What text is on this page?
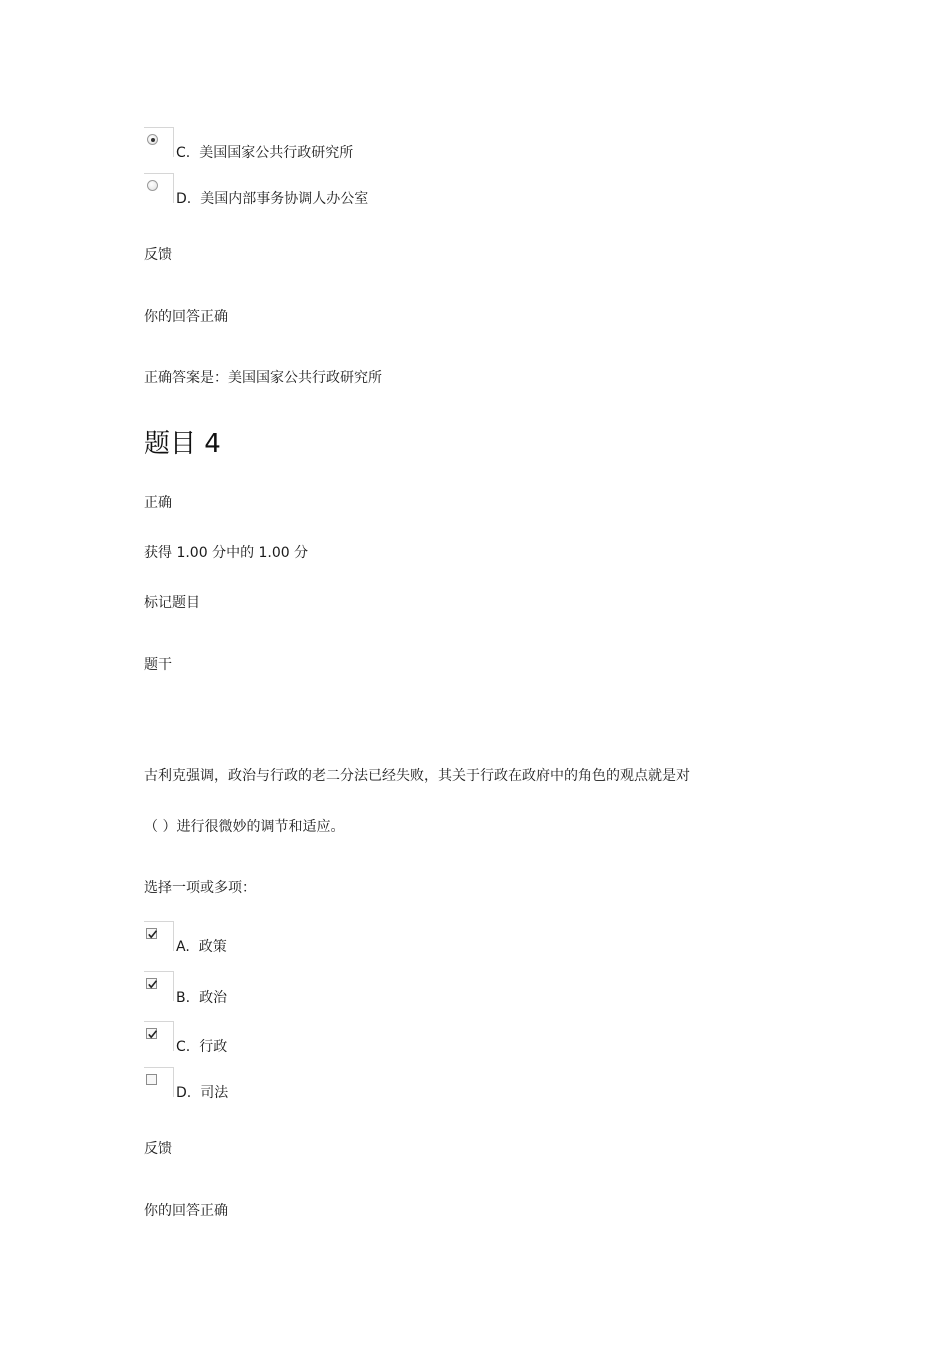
C. 美国国家公共行政研究所
D. 美国内部事务协调人办公室
反馈
你的回答正确
正确答案是：美国国家公共行政研究所
题目 4
正确
获得 1.00 分中的 1.00 分
标记题目
题干
古利克强调，政治与行政的老二分法已经失败，其关于行政在政府中的角色的观点就是对
（ ）进行很微妙的调节和适应。
选择一项或多项：
A. 政策
B. 政治
C. 行政
D. 司法
反馈
你的回答正确
